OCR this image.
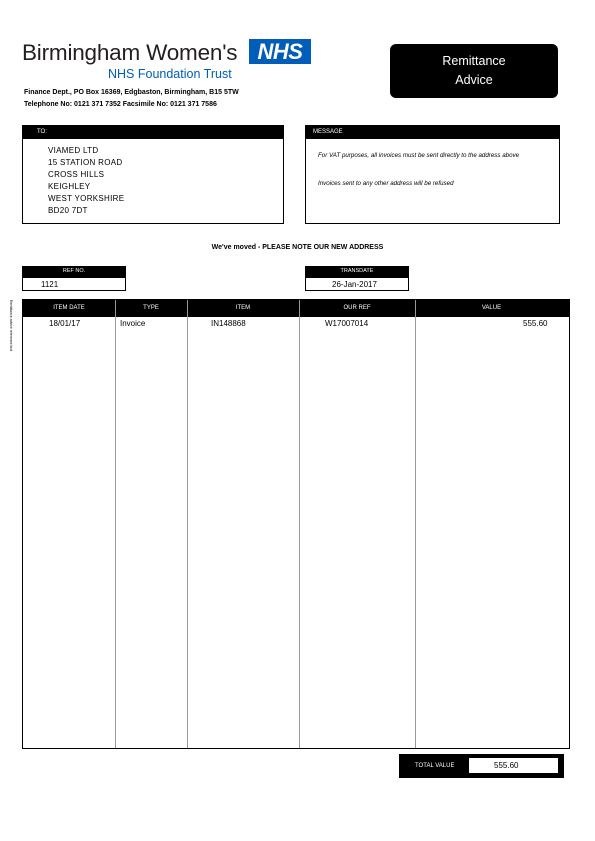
Birmingham Women's NHS
NHS Foundation Trust
Finance Dept., PO Box 16369, Edgbaston, Birmingham, B15 5TW
Telephone No: 0121 371 7352 Facsimile No: 0121 371 7586
Remittance
Advice
TO:
VIAMED LTD
15 STATION ROAD
CROSS HILLS
KEIGHLEY
WEST YORKSHIRE
BD20 7DT
MESSAGE
For VAT purposes, all invoices must be sent directly to the address above
Invoices sent to any other address will be refused
We've moved - PLEASE NOTE OUR NEW ADDRESS
REF NO.
1121
TRANSDATE
26-Jan-2017
Remittance advice reference text	ITEM DATE	TYPE	ITEM	OUR REF	VALUE
18/01/17	Invoice	IN148868	W17007014	555.60
TOTAL VALUE	555.60
